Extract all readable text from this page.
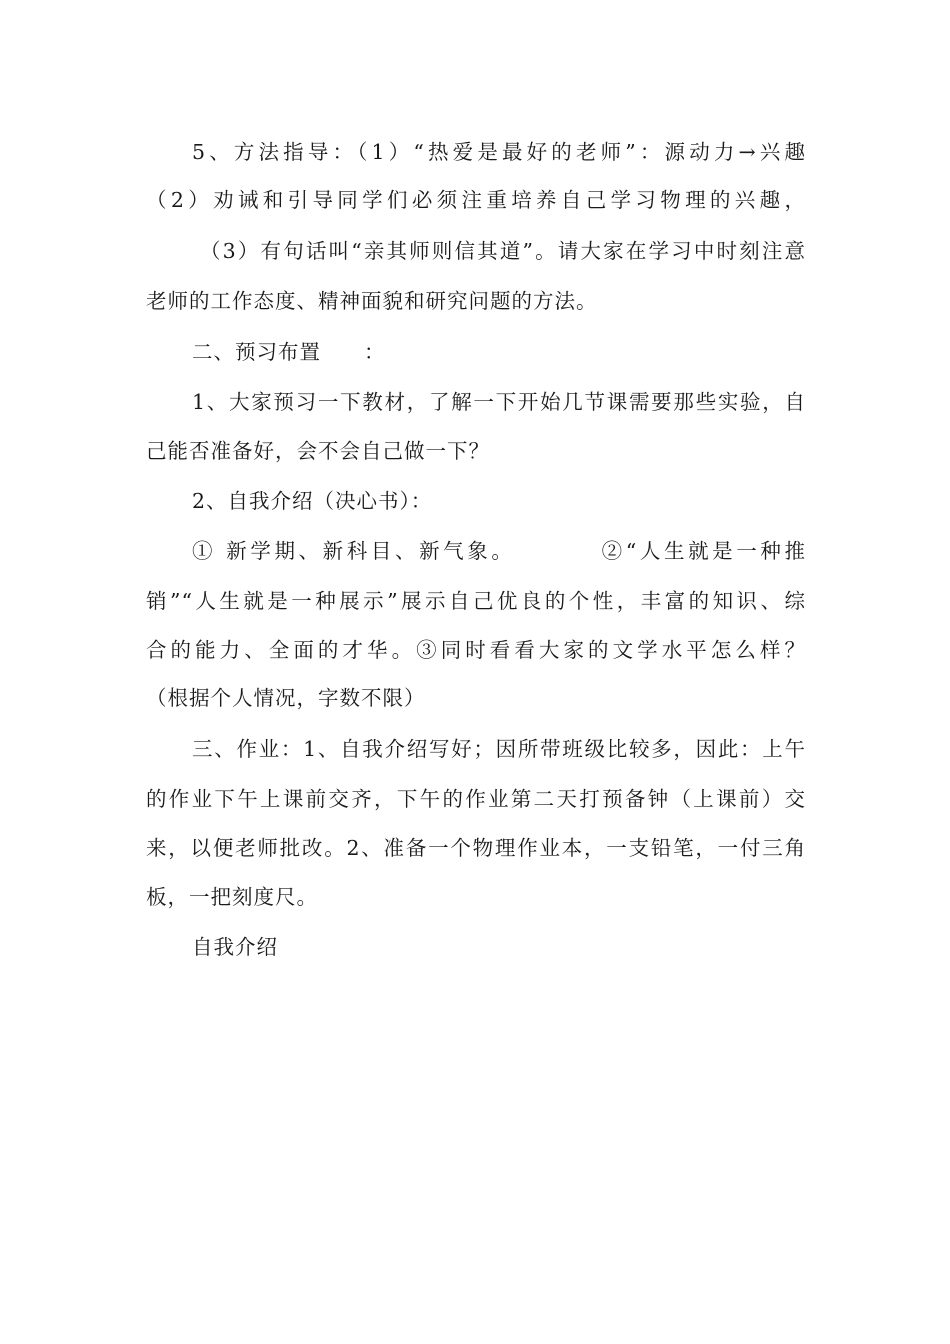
5、方法指导：（1）“热爱是最好的老师”：源动力→兴趣
（2）劝诫和引导同学们必须注重培养自己学习物理的兴趣，
（3）有句话叫“亲其师则信其道”。请大家在学习中时刻注意
老师的工作态度、精神面貌和研究问题的方法。
二、预习布置　　：
1、大家预习一下教材，了解一下开始几节课需要那些实验，自
己能否准备好，会不会自己做一下？
2、自我介绍（决心书）：
① 新学期、新科目、新气象。　　　　②“人生就是一种推
销”“人生就是一种展示”展示自己优良的个性，丰富的知识、综
合的能力、全面的才华。③同时看看大家的文学水平怎么样？
（根据个人情况，字数不限）
三、作业：1、自我介绍写好；因所带班级比较多，因此：上午
的作业下午上课前交齐，下午的作业第二天打预备钟（上课前）交
来，以便老师批改。2、准备一个物理作业本，一支铅笔，一付三角
板，一把刻度尺。
自我介绍
